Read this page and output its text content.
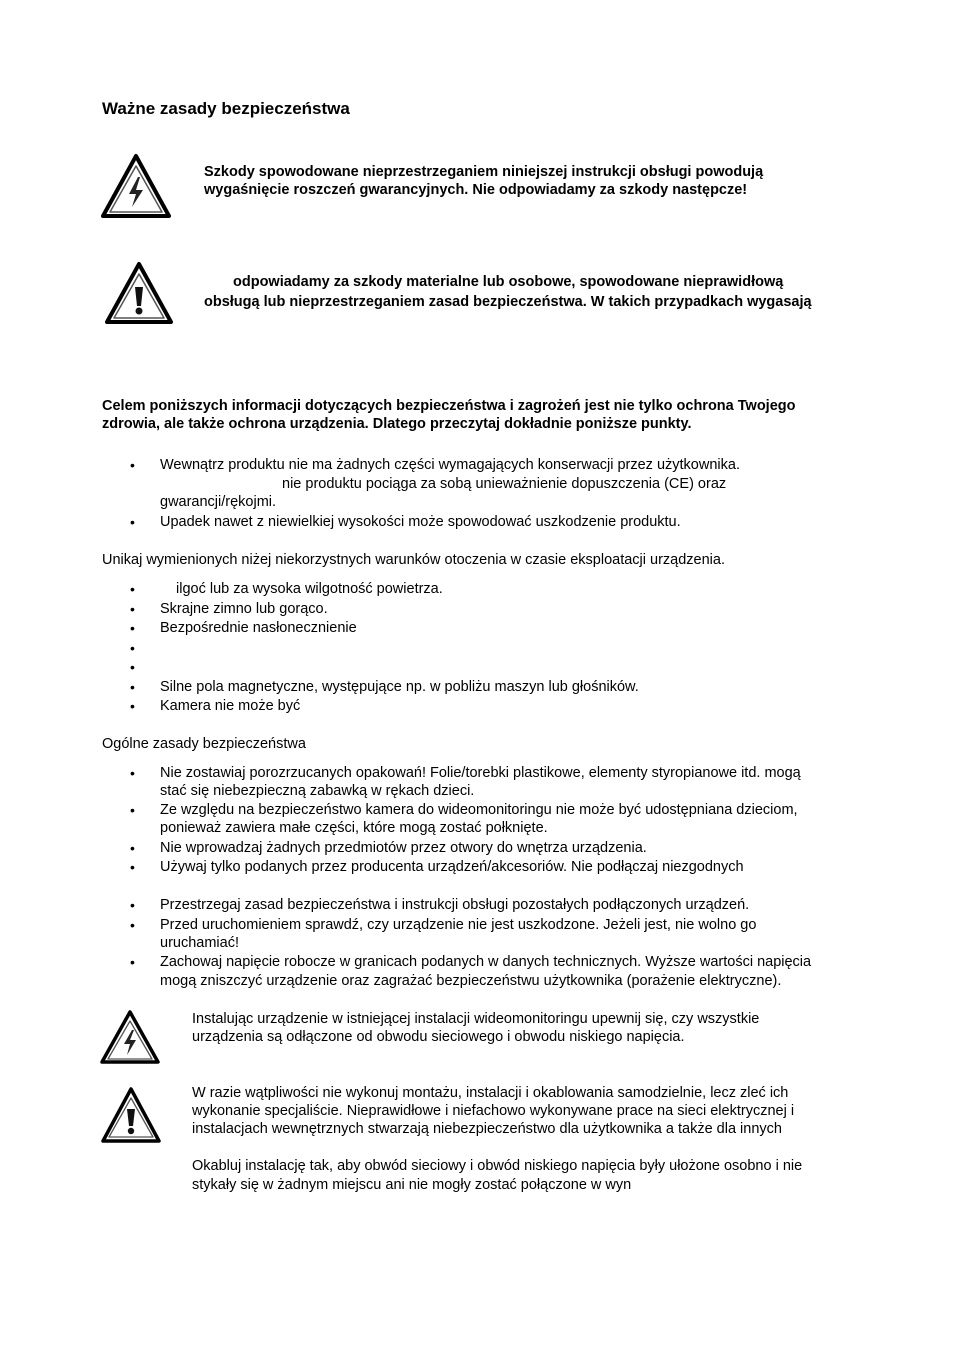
Ważne zasady bezpieczeństwa
Szkody spowodowane nieprzestrzeganiem niniejszej instrukcji obsługi powodują
wygaśnięcie roszczeń gwarancyjnych. Nie odpowiadamy za szkody następcze!
odpowiadamy za szkody materialne lub osobowe, spowodowane nieprawidłową
obsługą lub nieprzestrzeganiem zasad bezpieczeństwa. W takich przypadkach wygasają
Celem poniższych informacji dotyczących bezpieczeństwa i zagrożeń jest nie tylko ochrona Twojego
zdrowia, ale także ochrona urządzenia. Dlatego przeczytaj dokładnie poniższe punkty.
• Wewnątrz produktu nie ma żadnych części wymagających konserwacji przez użytkownika.
nie produktu pociąga za sobą unieważnienie dopuszczenia (CE) oraz
gwarancji/rękojmi.
• Upadek nawet z niewielkiej wysokości może spowodować uszkodzenie produktu.
Unikaj wymienionych niżej niekorzystnych warunków otoczenia w czasie eksploatacji urządzenia.
•	ilgoć lub za wysoka wilgotność powietrza.
• Skrajne zimno lub gorąco.
• Bezpośrednie nasłonecznienie
•
•
• Silne pola magnetyczne, występujące np. w pobliżu maszyn lub głośników.
• Kamera nie może być
Ogólne zasady bezpieczeństwa
• Nie zostawiaj porozrzucanych opakowań! Folie/torebki plastikowe, elementy styropianowe itd. mogą
stać się niebezpieczną zabawką w rękach dzieci.
• Ze względu na bezpieczeństwo kamera do wideomonitoringu nie może być udostępniana dzieciom,
ponieważ zawiera małe części, które mogą zostać połknięte.
• Nie wprowadzaj żadnych przedmiotów przez otwory do wnętrza urządzenia.
• Używaj tylko podanych przez producenta urządzeń/akcesoriów. Nie podłączaj niezgodnych
• Przestrzegaj zasad bezpieczeństwa i instrukcji obsługi pozostałych podłączonych urządzeń.
• Przed uruchomieniem sprawdź, czy urządzenie nie jest uszkodzone. Jeżeli jest, nie wolno go
uruchamiać!
• Zachowaj napięcie robocze w granicach podanych w danych technicznych. Wyższe wartości napięcia
mogą zniszczyć urządzenie oraz zagrażać bezpieczeństwu użytkownika (porażenie elektryczne).
Instalując urządzenie w istniejącej instalacji wideomonitoringu upewnij się, czy wszystkie
urządzenia są odłączone od obwodu sieciowego i obwodu niskiego napięcia.
W razie wątpliwości nie wykonuj montażu, instalacji i okablowania samodzielnie, lecz zleć ich
wykonanie specjaliście. Nieprawidłowe i niefachowo wykonywane prace na sieci elektrycznej i
instalacjach wewnętrznych stwarzają niebezpieczeństwo dla użytkownika a także dla innych
Okabluj instalację tak, aby obwód sieciowy i obwód niskiego napięcia były ułożone osobno i nie
stykały się w żadnym miejscu ani nie mogły zostać połączone w wyn
